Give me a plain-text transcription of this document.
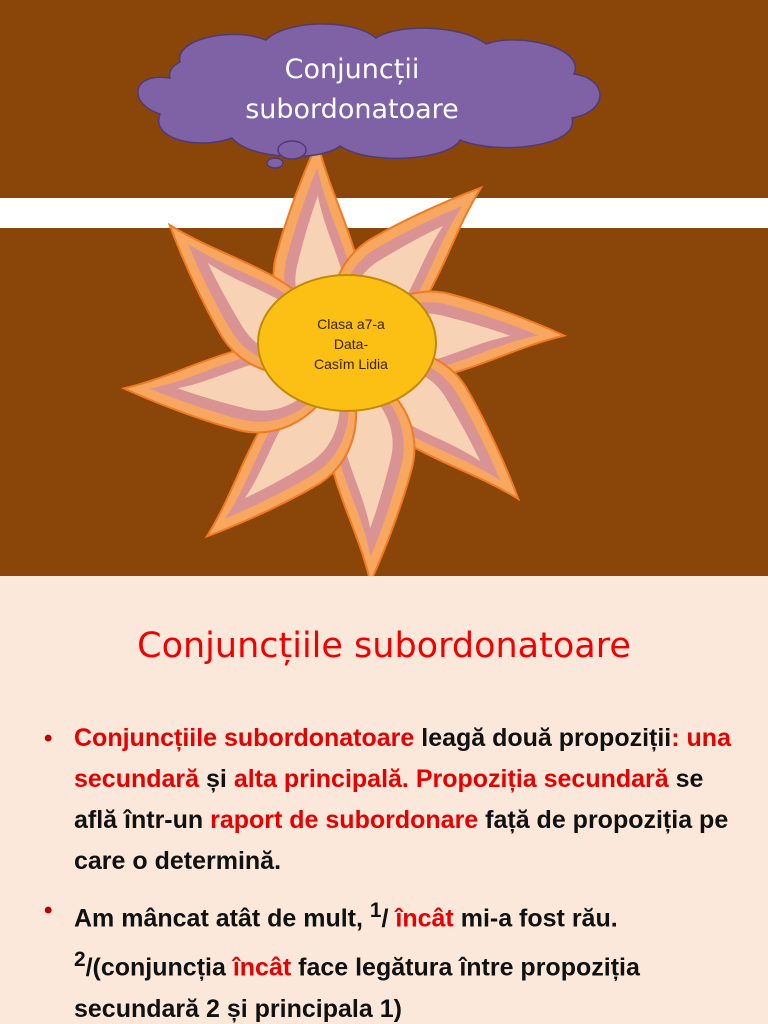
Conjuncții
subordonatoare
Clasa a7-a
Data-
Casîm Lidia
Conjuncțiile subordonatoare
• Conjuncțiile subordonatoare leagă două propoziții: una secundară și alta principală. Propoziția secundară se află într-un raport de subordonare față de propoziția pe care o determină.
• Am mâncat atât de mult, $^1$/ încât mi-a fost rău. $^2$/(conjuncția încât face legătura între propoziția secundară 2 și principala 1)
